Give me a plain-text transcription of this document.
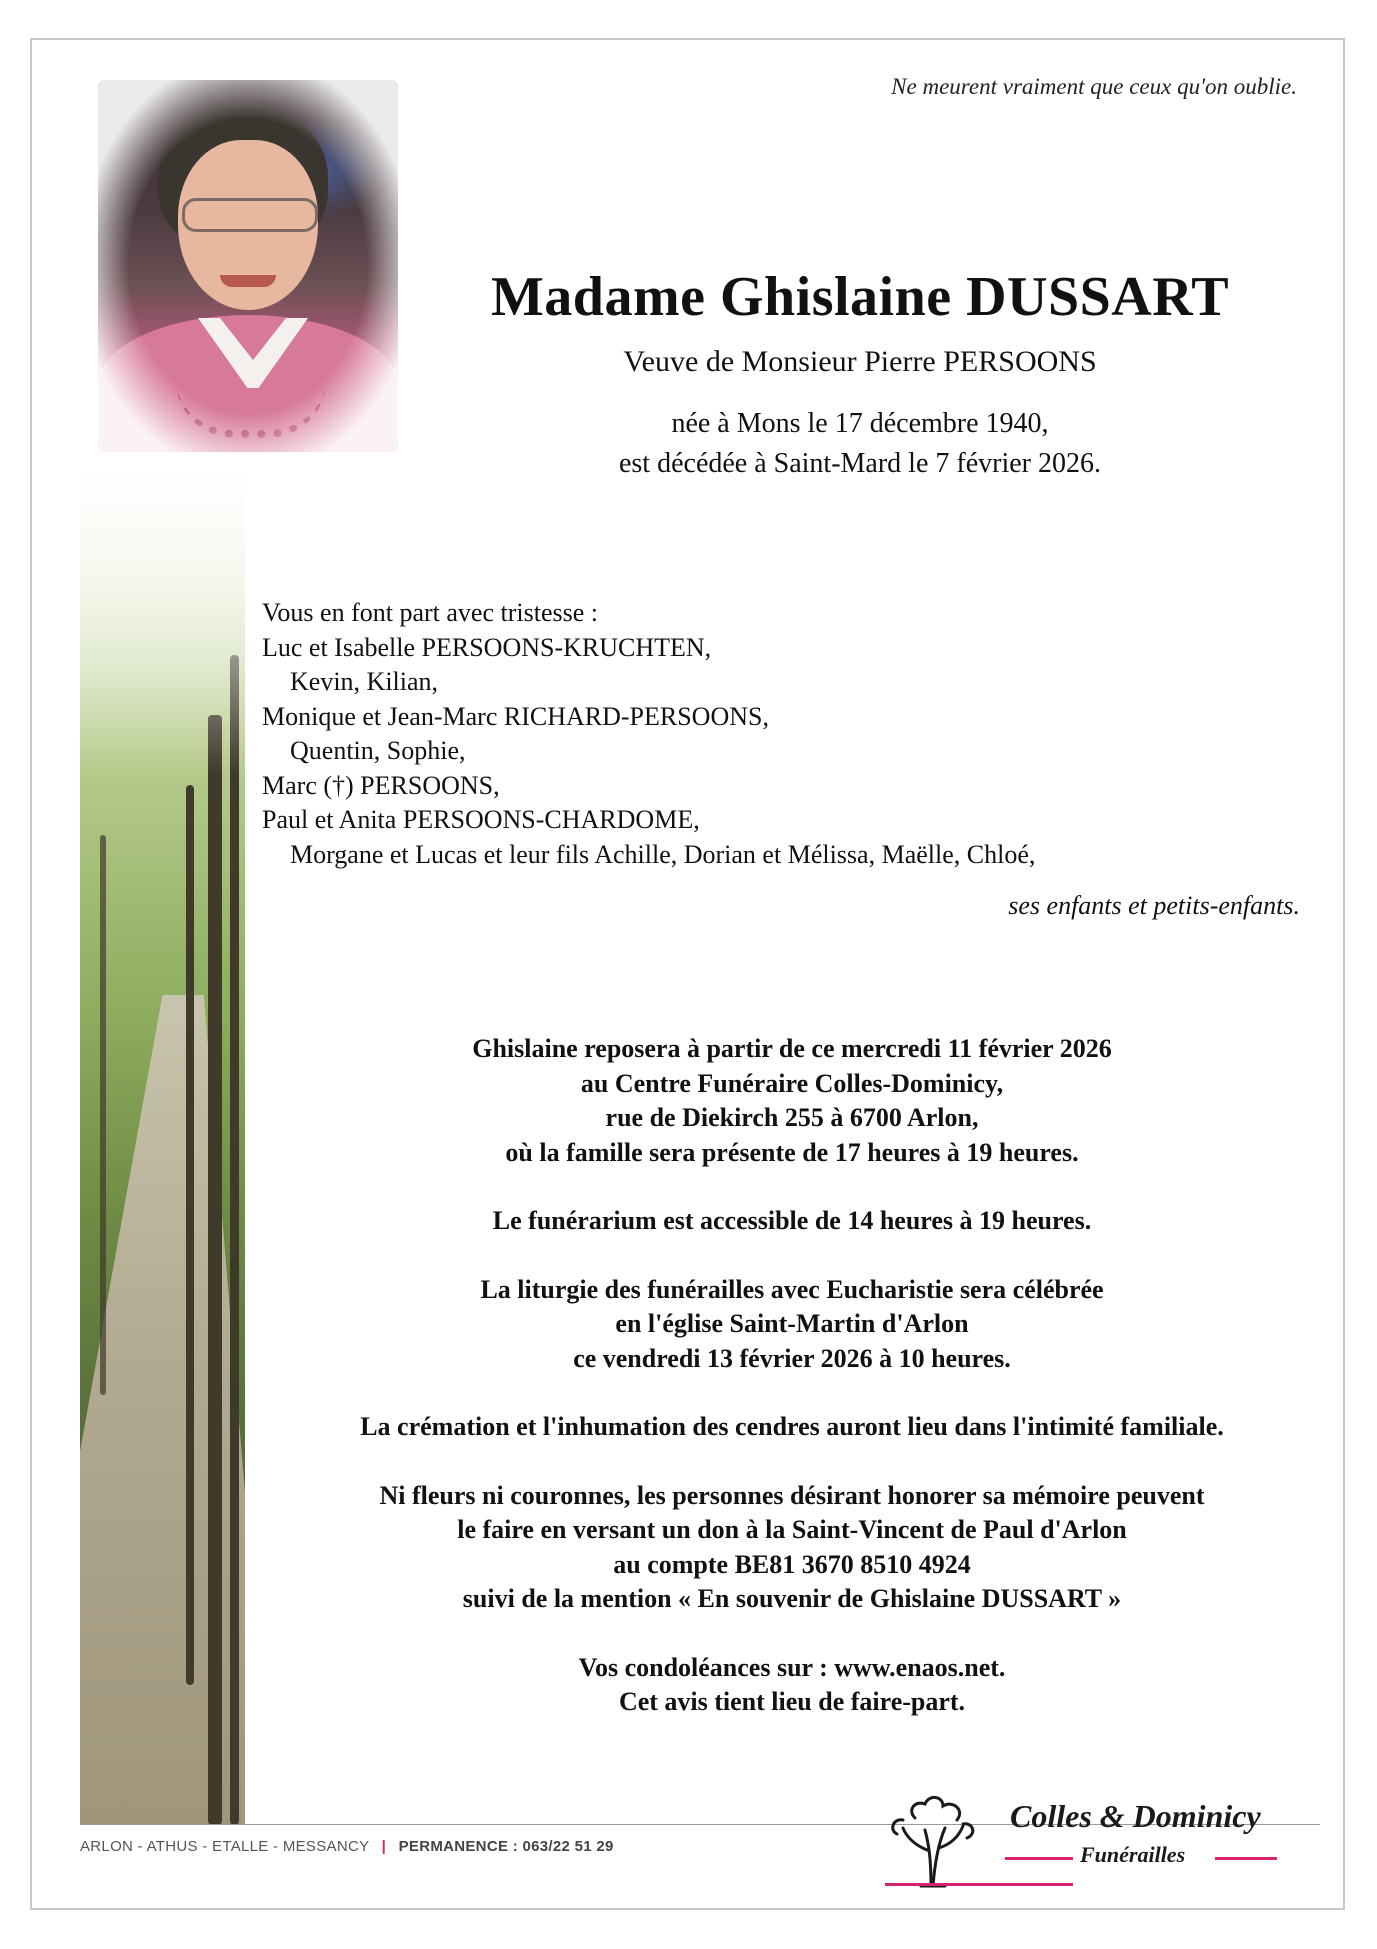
Ne meurent vraiment que ceux qu'on oublie.
Madame Ghislaine DUSSART
Veuve de Monsieur Pierre PERSOONS
née à Mons le 17 décembre 1940,
est décédée à Saint-Mard le 7 février 2026.
Vous en font part avec tristesse :
Luc et Isabelle PERSOONS-KRUCHTEN,
Kevin, Kilian,
Monique et Jean-Marc RICHARD-PERSOONS,
Quentin, Sophie,
Marc (†) PERSOONS,
Paul et Anita PERSOONS-CHARDOME,
Morgane et Lucas et leur fils Achille, Dorian et Mélissa, Maëlle, Chloé,
ses enfants et petits-enfants.
Ghislaine reposera à partir de ce mercredi 11 février 2026
au Centre Funéraire Colles-Dominicy,
rue de Diekirch 255 à 6700 Arlon,
où la famille sera présente de 17 heures à 19 heures.
Le funérarium est accessible de 14 heures à 19 heures.
La liturgie des funérailles avec Eucharistie sera célébrée
en l'église Saint-Martin d'Arlon
ce vendredi 13 février 2026 à 10 heures.
La crémation et l'inhumation des cendres auront lieu dans l'intimité familiale.
Ni fleurs ni couronnes, les personnes désirant honorer sa mémoire peuvent
le faire en versant un don à la Saint-Vincent de Paul d'Arlon
au compte BE81 3670 8510 4924
suivi de la mention « En souvenir de Ghislaine DUSSART »
Vos condoléances sur : www.enaos.net.
Cet avis tient lieu de faire-part.
ARLON - ATHUS - ETALLE - MESSANCY | PERMANENCE : 063/22 51 29
Colles & Dominicy
Funérailles
